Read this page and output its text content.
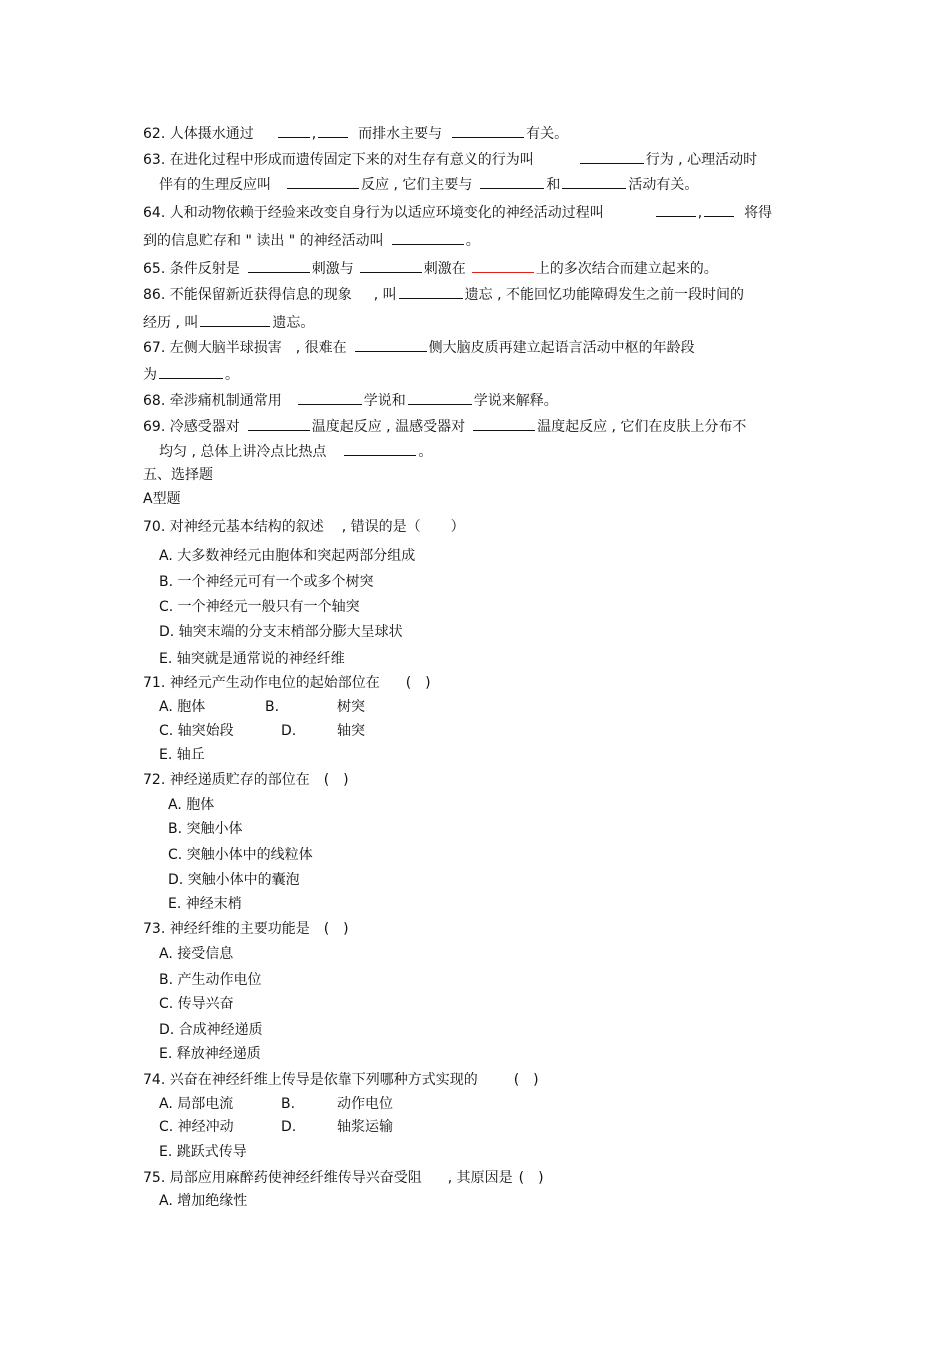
62. 人体摄水通过	,	而排水主要与	有关。
63. 在进化过程中形成而遗传固定下来的对生存有意义的行为叫	行为 , 心理活动时
伴有的生理反应叫	反应 , 它们主要与	和	活动有关。
64. 人和动物依赖于经验来改变自身行为以适应环境变化的神经活动过程叫	,	将得
到的信息贮存和 " 读出 " 的神经活动叫	。
65. 条件反射是	刺激与	刺激在	上的多次结合而建立起来的。
86. 不能保留新近获得信息的现象 , 叫	遗忘 , 不能回忆功能障碍发生之前一段时间的
经历 , 叫	遗忘。
67. 左侧大脑半球损害 , 很难在	侧大脑皮质再建立起语言活动中枢的年龄段
为	。
68. 牵涉痛机制通常用	学说和	学说来解释。
69. 冷感受器对	温度起反应 , 温感受器对	温度起反应 , 它们在皮肤上分布不
均匀 , 总体上讲冷点比热点	。
五、选择题
A型题
70. 对神经元基本结构的叙述 , 错误的是（ ）
A. 大多数神经元由胞体和突起两部分组成
B. 一个神经元可有一个或多个树突
C. 一个神经元一般只有一个轴突
D. 轴突末端的分支末梢部分膨大呈球状
E. 轴突就是通常说的神经纤维
71. 神经元产生动作电位的起始部位在 (　)
A. 胞体	B.	树突
C. 轴突始段	D.	轴突
E. 轴丘
72. 神经递质贮存的部位在 (　)
A. 胞体
B. 突触小体
C. 突触小体中的线粒体
D. 突触小体中的囊泡
E. 神经末梢
73. 神经纤维的主要功能是 (　)
A. 接受信息
B. 产生动作电位
C. 传导兴奋
D. 合成神经递质
E. 释放神经递质
74. 兴奋在神经纤维上传导是依靠下列哪种方式实现的	(　)
A. 局部电流	B.	动作电位
C. 神经冲动	D.	轴浆运输
E. 跳跃式传导
75. 局部应用麻醉药使神经纤维传导兴奋受阻 , 其原因是 (　)
A. 增加绝缘性
